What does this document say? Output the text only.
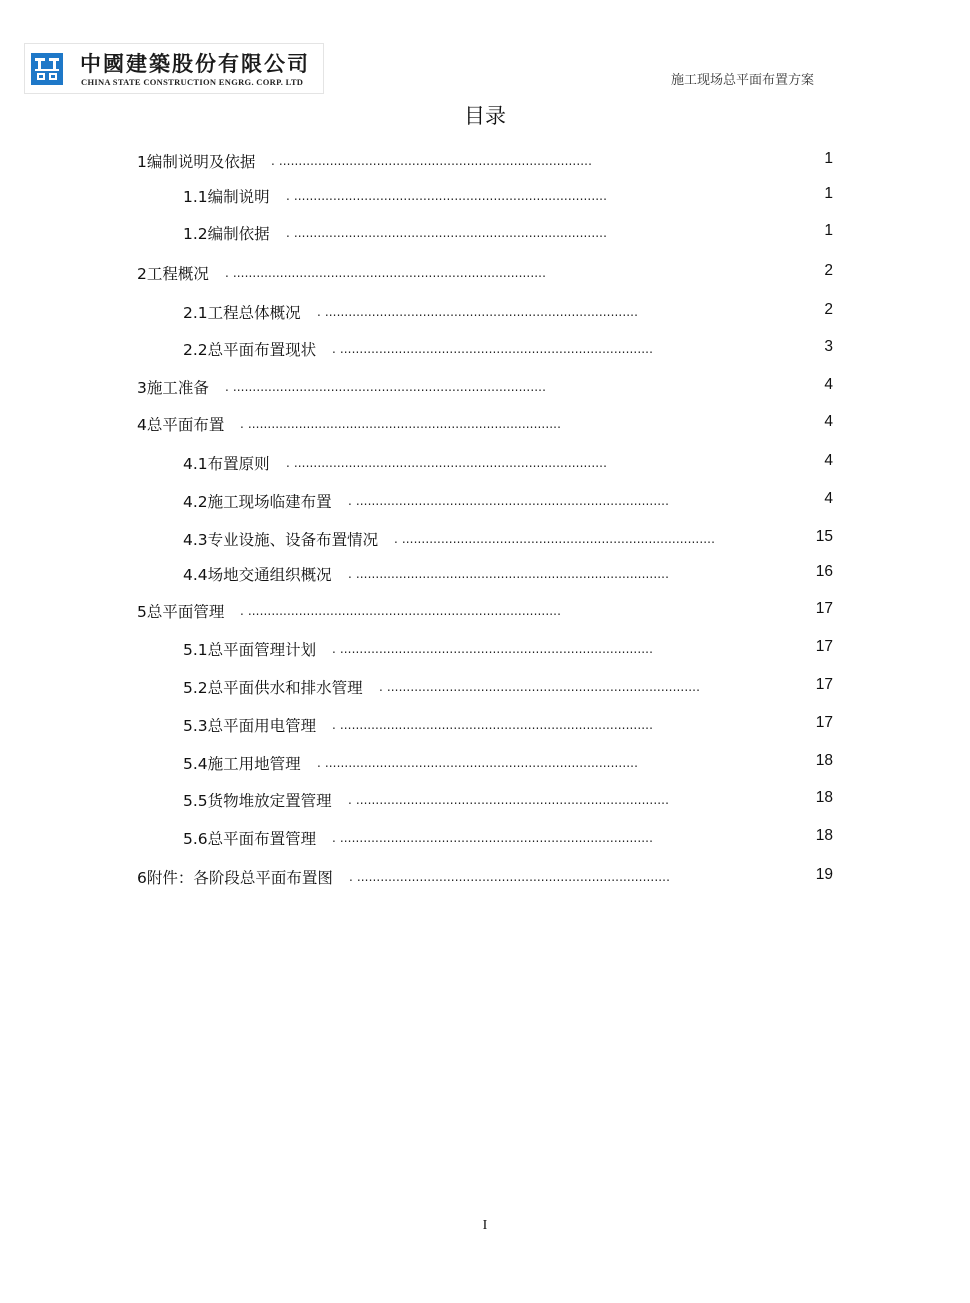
中國建築股份有限公司
CHINA STATE CONSTRUCTION ENGRG. CORP. LTD	施工现场总平面布置方案
目录
1编制说明及依据 . ................................................................................	1
1.1编制说明 . ................................................................................	1
1.2编制依据 . ................................................................................	1
2工程概况 . ................................................................................	2
2.1工程总体概况 . ................................................................................	2
2.2总平面布置现状 . ................................................................................	3
3施工准备 . ................................................................................	4
4总平面布置 . ................................................................................	4
4.1布置原则 . ................................................................................	4
4.2施工现场临建布置 . ................................................................................	4
4.3专业设施、设备布置情况 . ................................................................................	15
4.4场地交通组织概况 . ................................................................................	16
5总平面管理 . ................................................................................	17
5.1总平面管理计划 . ................................................................................	17
5.2总平面供水和排水管理 . ................................................................................	17
5.3总平面用电管理 . ................................................................................	17
5.4施工用地管理 . ................................................................................	18
5.5货物堆放定置管理 . ................................................................................	18
5.6总平面布置管理 . ................................................................................	18
6附件：各阶段总平面布置图 . ................................................................................	19
I
